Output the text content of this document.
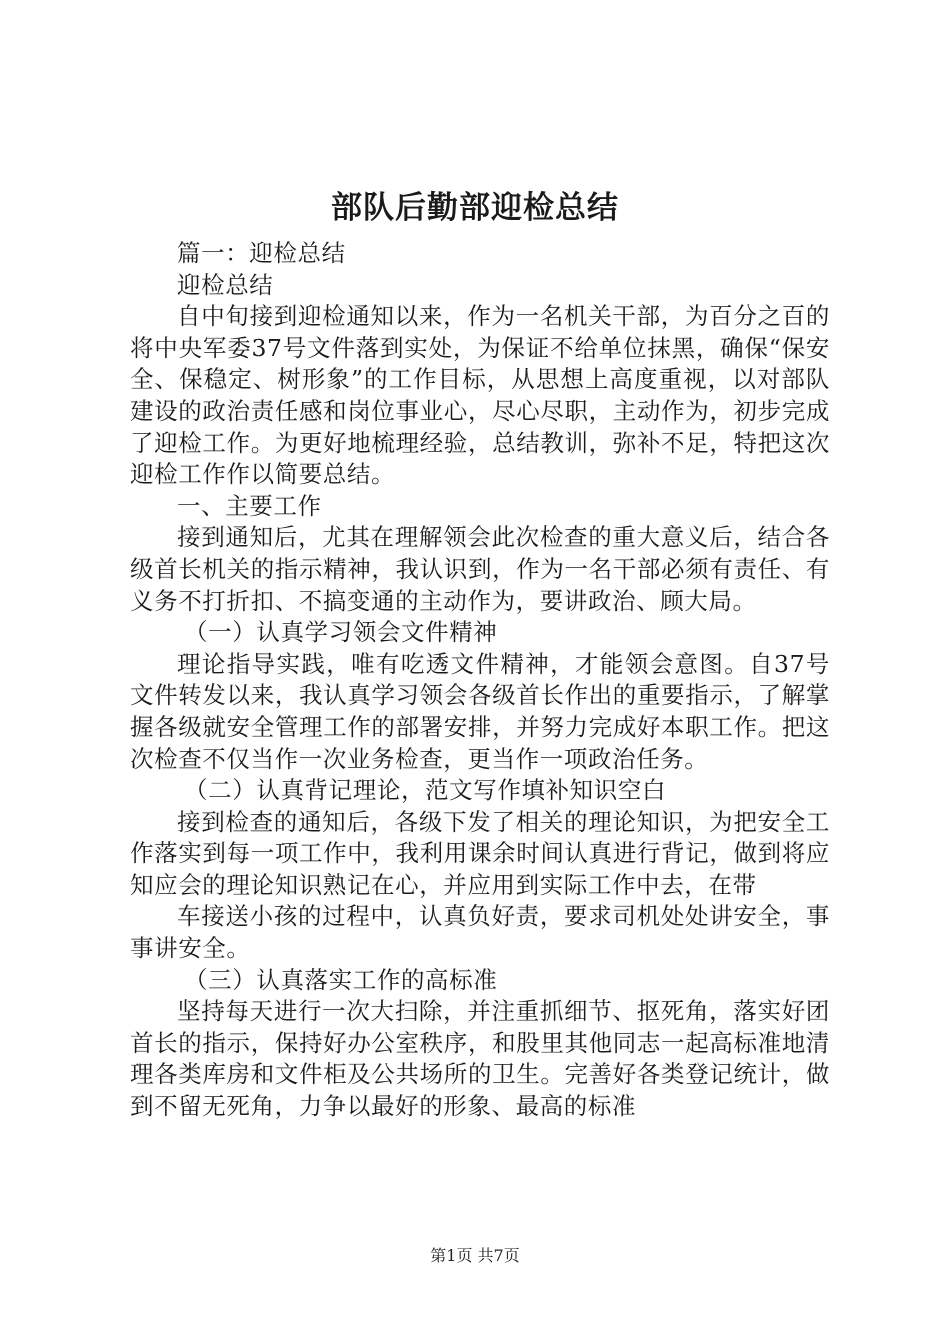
部队后勤部迎检总结

篇一：迎检总结

迎检总结

自中旬接到迎检通知以来，作为一名机关干部，为百分之百的将中央军委37号文件落到实处，为保证不给单位抹黑，确保“保安全、保稳定、树形象”的工作目标，从思想上高度重视，以对部队建设的政治责任感和岗位事业心，尽心尽职，主动作为，初步完成了迎检工作。为更好地梳理经验，总结教训，弥补不足，特把这次迎检工作作以简要总结。

一、主要工作

接到通知后，尤其在理解领会此次检查的重大意义后，结合各级首长机关的指示精神，我认识到，作为一名干部必须有责任、有义务不打折扣、不搞变通的主动作为，要讲政治、顾大局。

（一）认真学习领会文件精神

理论指导实践，唯有吃透文件精神，才能领会意图。自37号文件转发以来，我认真学习领会各级首长作出的重要指示，了解掌握各级就安全管理工作的部署安排，并努力完成好本职工作。把这次检查不仅当作一次业务检查，更当作一项政治任务。

（二）认真背记理论，范文写作填补知识空白

接到检查的通知后，各级下发了相关的理论知识，为把安全工作落实到每一项工作中，我利用课余时间认真进行背记，做到将应知应会的理论知识熟记在心，并应用到实际工作中去，在带

车接送小孩的过程中，认真负好责，要求司机处处讲安全，事事讲安全。

（三）认真落实工作的高标准

坚持每天进行一次大扫除，并注重抓细节、抠死角，落实好团首长的指示，保持好办公室秩序，和股里其他同志一起高标准地清理各类库房和文件柜及公共场所的卫生。完善好各类登记统计，做到不留无死角，力争以最好的形象、最高的标准

第1页 共7页
